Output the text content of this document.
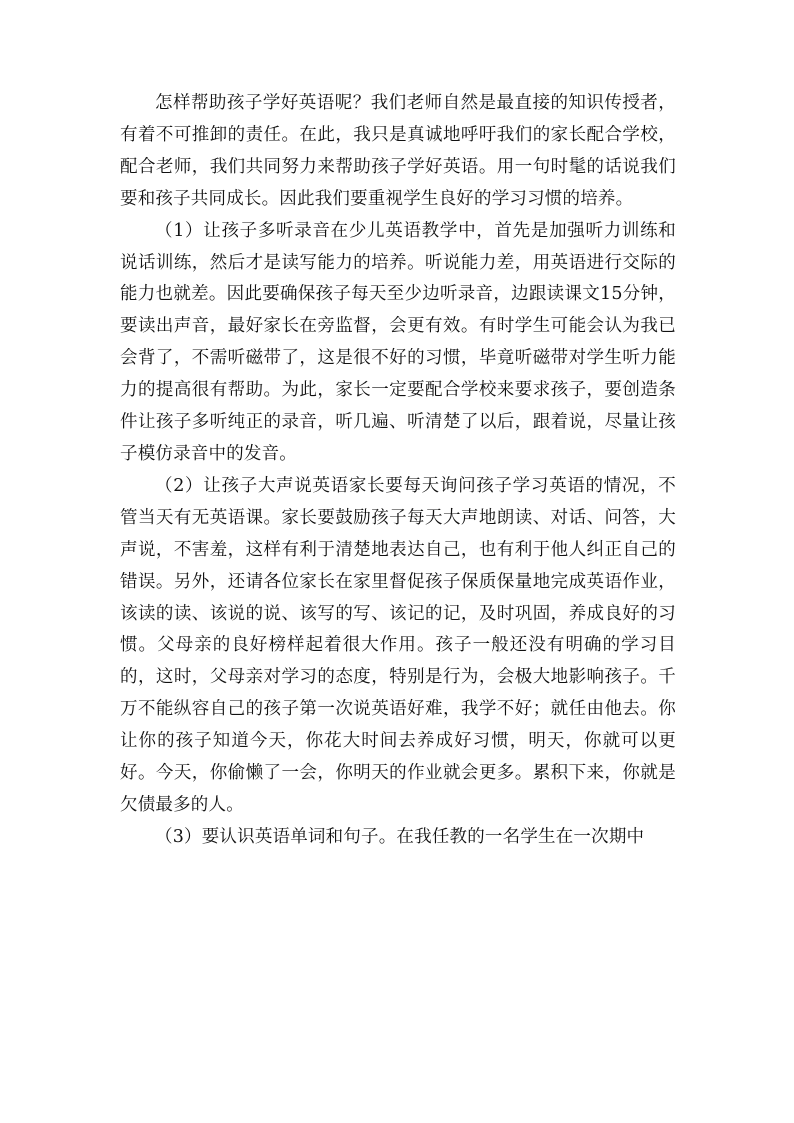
怎样帮助孩子学好英语呢？我们老师自然是最直接的知识传授者，有着不可推卸的责任。在此，我只是真诚地呼吁我们的家长配合学校，配合老师，我们共同努力来帮助孩子学好英语。用一句时髦的话说我们要和孩子共同成长。因此我们要重视学生良好的学习习惯的培养。

（1）让孩子多听录音在少儿英语教学中，首先是加强听力训练和说话训练，然后才是读写能力的培养。听说能力差，用英语进行交际的能力也就差。因此要确保孩子每天至少边听录音，边跟读课文15分钟，要读出声音，最好家长在旁监督，会更有效。有时学生可能会认为我已会背了，不需听磁带了，这是很不好的习惯，毕竟听磁带对学生听力能力的提高很有帮助。为此，家长一定要配合学校来要求孩子，要创造条件让孩子多听纯正的录音，听几遍、听清楚了以后，跟着说，尽量让孩子模仿录音中的发音。

（2）让孩子大声说英语家长要每天询问孩子学习英语的情况，不管当天有无英语课。家长要鼓励孩子每天大声地朗读、对话、问答，大声说，不害羞，这样有利于清楚地表达自己，也有利于他人纠正自己的错误。另外，还请各位家长在家里督促孩子保质保量地完成英语作业，该读的读、该说的说、该写的写、该记的记，及时巩固，养成良好的习惯。父母亲的良好榜样起着很大作用。孩子一般还没有明确的学习目的，这时，父母亲对学习的态度，特别是行为，会极大地影响孩子。千万不能纵容自己的孩子第一次说英语好难，我学不好；就任由他去。你让你的孩子知道今天，你花大时间去养成好习惯，明天，你就可以更好。今天，你偷懒了一会，你明天的作业就会更多。累积下来，你就是欠债最多的人。

（3）要认识英语单词和句子。在我任教的一名学生在一次期中
